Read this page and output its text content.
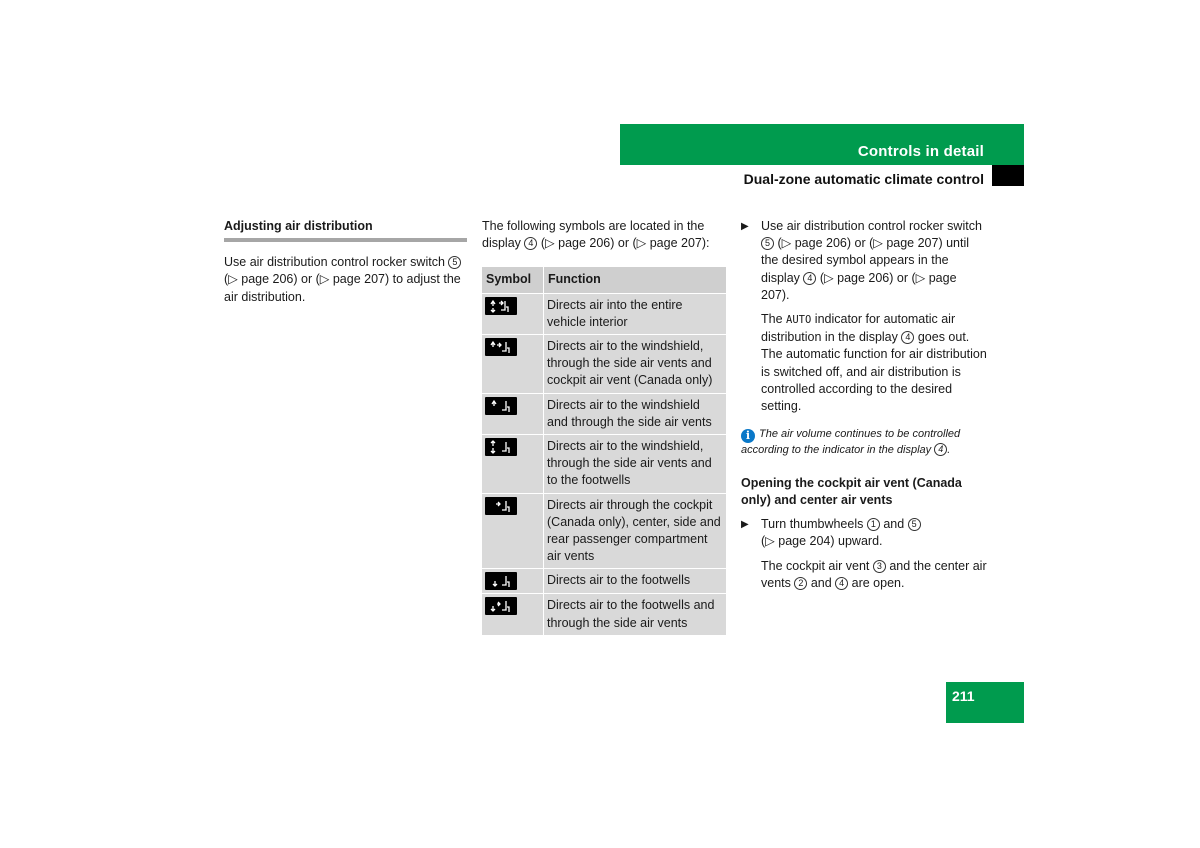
Controls in detail
Dual-zone automatic climate control
Adjusting air distribution

Use air distribution control rocker switch 5 (▷ page 206) or (▷ page 207) to adjust the air distribution.

The following symbols are located in the display 4 (▷ page 206) or (▷ page 207):

Symbol	Function

	Directs air into the entire vehicle interior

	Directs air to the windshield, through the side air vents and cockpit air vent (Canada only)

	Directs air to the windshield and through the side air vents

	Directs air to the windshield, through the side air vents and to the footwells

	Directs air through the cockpit (Canada only), center, side and rear passenger compartment air vents

	Directs air to the footwells

	Directs air to the footwells and through the side air vents
▶ Use air distribution control rocker switch 5 (▷ page 206) or (▷ page 207) until the desired symbol appears in the display 4 (▷ page 206) or (▷ page 207).

The AUTO indicator for automatic air distribution in the display 4 goes out. The automatic function for air distribution is switched off, and air distribution is controlled according to the desired setting.

i The air volume continues to be controlled according to the indicator in the display 4 .

Opening the cockpit air vent (Canada only) and center air vents
▶ Turn thumbwheels 1 and 5
(▷ page 204) upward.

The cockpit air vent 3 and the center air vents 2 and 4 are open.

211
